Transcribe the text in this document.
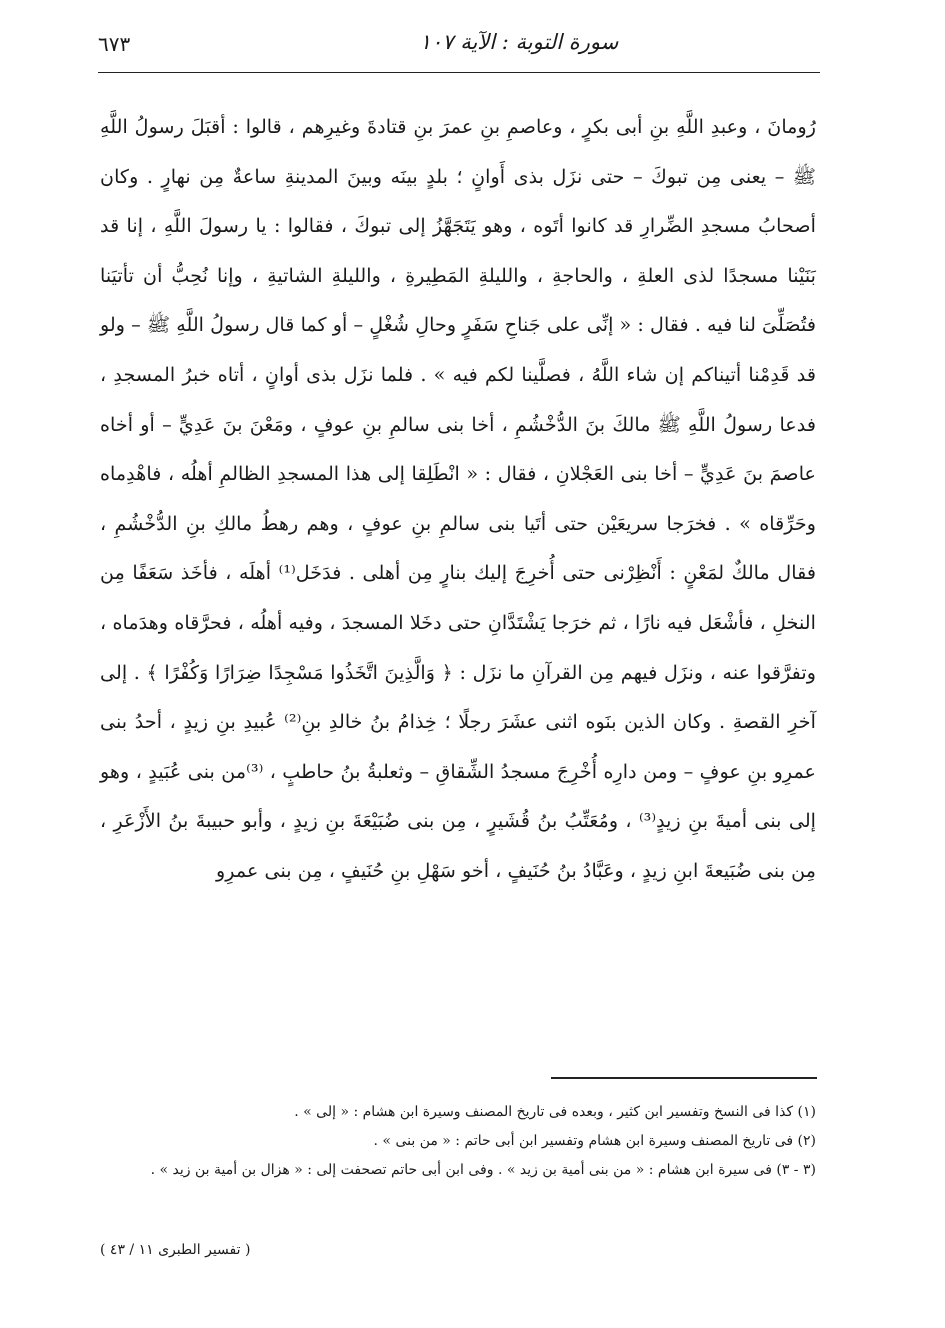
سورة التوبة : الآية ١٠٧
٦٧٣

رُومانَ ، وعبدِ اللَّهِ بنِ أبى بكرٍ ، وعاصمِ بنِ عمرَ بنِ قتادةَ وغيرِهم ، قالوا : أقبَلَ رسولُ اللَّهِ ﷺ – يعنى مِن تبوكَ – حتى نزَل بذى أَوانٍ ؛ بلدٍ بينَه وبينَ المدينةِ ساعةٌ مِن نهارٍ . وكان أصحابُ مسجدِ الضِّرارِ قد كانوا أتَوه ، وهو يَتَجَهَّزُ إلى تبوكَ ، فقالوا : يا رسولَ اللَّهِ ، إنا قد بَنَيْنا مسجدًا لذى العلةِ ، والحاجةِ ، والليلةِ المَطِيرةِ ، والليلةِ الشاتيةِ ، وإنا نُحِبُّ أن تأتيَنا فتُصَلِّىَ لنا فيه . فقال : « إنِّى على جَناحِ سَفَرٍ وحالِ شُغْلٍ – أو كما قال رسولُ اللَّهِ ﷺ – ولو قد قَدِمْنا أتيناكم إن شاء اللَّهُ ، فصلَّينا لكم فيه » . فلما نزَل بذى أوانٍ ، أتاه خبرُ المسجدِ ، فدعا رسولُ اللَّهِ ﷺ مالكَ بنَ الدُّخْشُمِ ، أخا بنى سالمِ بنِ عوفٍ ، ومَعْنَ بنَ عَدِيٍّ – أو أخاه عاصمَ بنَ عَدِيٍّ – أخا بنى العَجْلانِ ، فقال : « انْطَلِقا إلى هذا المسجدِ الظالمِ أهلُه ، فاهْدِماه وحَرِّقاه » . فخرَجا سريعَيْن حتى أتَيا بنى سالمِ بنِ عوفٍ ، وهم رهطُ مالكِ بنِ الدُّخْشُمِ ، فقال مالكٌ لمَعْنٍ : أَنْظِرْنى حتى أُخرِجَ إليك بنارٍ مِن أهلى . فدَخَل⁽¹⁾ أهلَه ، فأخَذ سَعَفًا مِن النخلِ ، فأشْعَل فيه نارًا ، ثم خرَجا يَشْتَدَّانِ حتى دخَلا المسجدَ ، وفيه أهلُه ، فحرَّقاه وهدَماه ، وتفرَّقوا عنه ، ونزَل فيهم مِن القرآنِ ما نزَل : ﴿ وَالَّذِينَ اتَّخَذُوا مَسْجِدًا ضِرَارًا وَكُفْرًا ﴾ . إلى آخرِ القصةِ . وكان الذين بنَوه اثنى عشَرَ رجلًا ؛ خِذامُ بنُ خالدِ بنِ⁽²⁾ عُبيدِ بنِ زيدٍ ، أحدُ بنى عمرِو بنِ عوفٍ – ومن دارِه أُخْرِجَ مسجدُ الشِّقاقِ – وثعلبةُ بنُ حاطبٍ ، ⁽³⁾من بنى عُبَيدٍ ، وهو إلى بنى أميةَ بنِ زيدٍ⁽³⁾ ، ومُعَتِّبُ بنُ قُشَيرٍ ، مِن بنى ضُبَيْعَةَ بنِ زيدٍ ، وأبو حبيبةَ بنُ الأَزْعَرِ ، مِن بنى ضُبَيعةَ ابنِ زيدٍ ، وعَبَّادُ بنُ حُنَيفٍ ، أخو سَهْلِ بنِ حُنَيفٍ ، مِن بنى عمرِو

(١) كذا فى النسخ وتفسير ابن كثير ، وبعده فى تاريخ المصنف وسيرة ابن هشام : « إلى » .

(٢) فى تاريخ المصنف وسيرة ابن هشام وتفسير ابن أبى حاتم : « من بنى » .

(٣ - ٣) فى سيرة ابن هشام : « من بنى أمية بن زيد » . وفى ابن أبى حاتم تصحفت إلى : « هزال بن أمية بن زيد » .

( تفسير الطبرى ١١ / ٤٣ )
